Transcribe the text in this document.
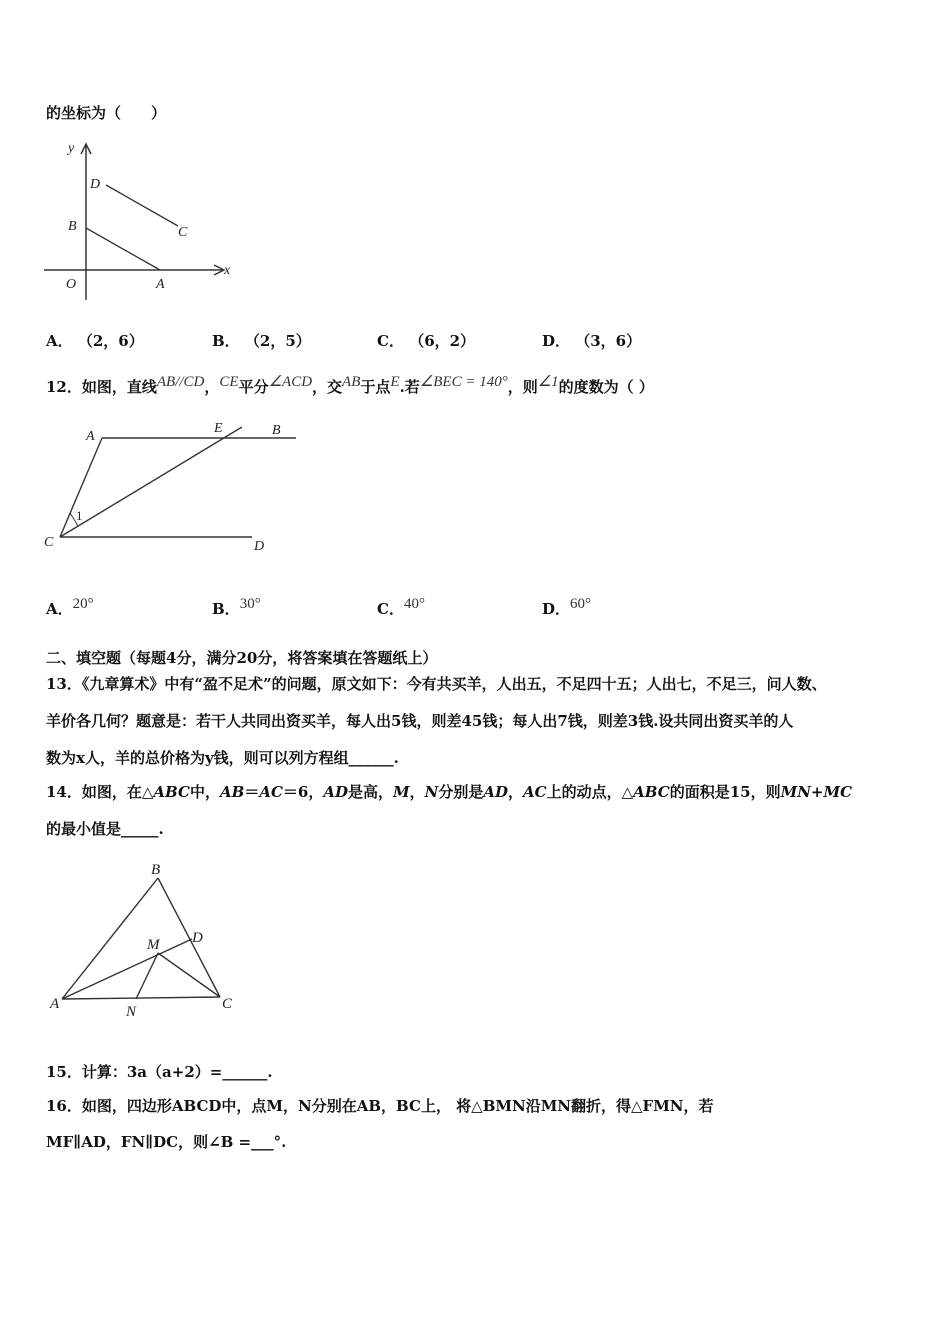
的坐标为（　　）
y
x
O	A
B	C
D
A． （2，6）	B． （2，5）	C． （6，2）	D． （3，6）
12．如图，直线AB//CD，CE平分∠ACD，交AB于点E.若∠BEC = 140°，则∠1的度数为（ ）
A
E	B
C	D
1
A．20°	B．30°	C．40°	D．60°
二、填空题（每题4分，满分20分，将答案填在答题纸上）
13．《九章算术》中有“盈不足术”的问题，原文如下：今有共买羊，人出五，不足四十五；人出七，不足三，问人数、
羊价各几何？题意是：若干人共同出资买羊，每人出5钱，则差45钱；每人出7钱，则差3钱.设共同出资买羊的人
数为x人，羊的总价格为y钱，则可以列方程组______.
14．如图，在△ABC中，AB＝AC＝6，AD是高，M，N分别是AD，AC上的动点，△ABC的面积是15，则MN+MC
的最小值是_____.
B
M D
A	N	C
15．计算：3a（a+2）=______.
16．如图，四边形ABCD中，点M，N分别在AB，BC上， 将△BMN沿MN翻折，得△FMN，若
MF∥AD，FN∥DC，则∠B =___°.
